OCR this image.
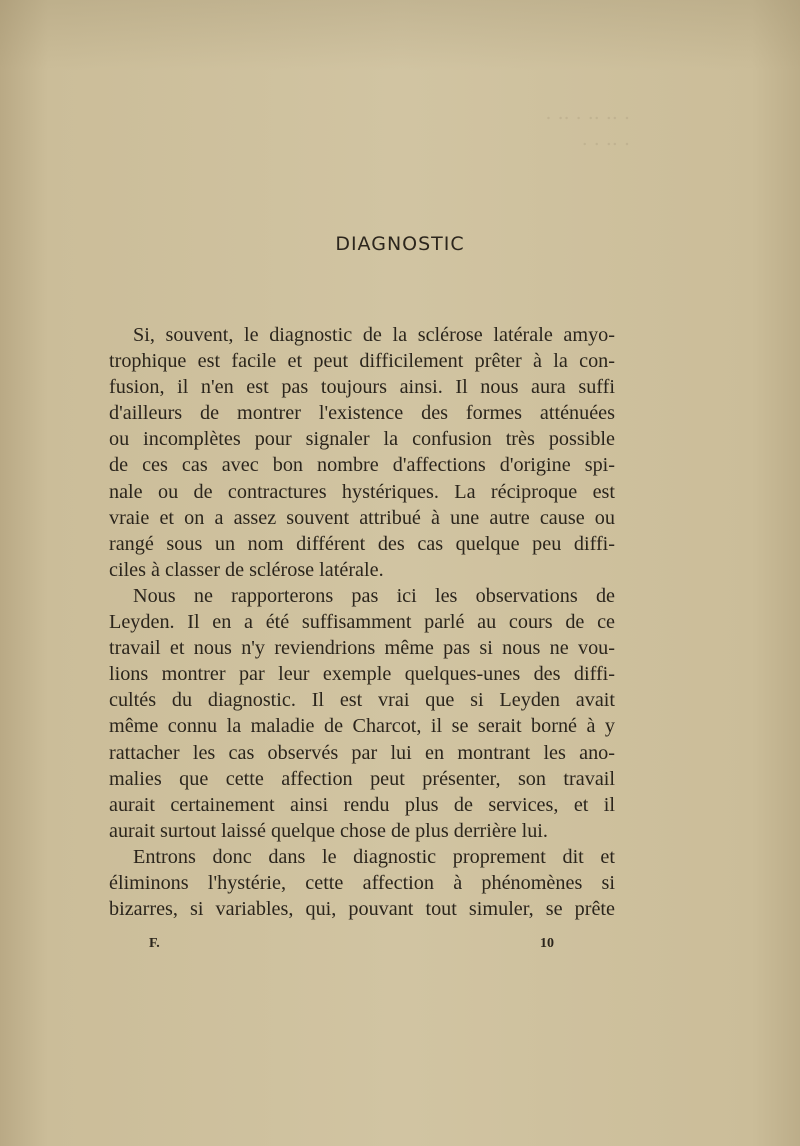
. .. .. . .. .
. .. . .

DIAGNOSTIC
Si, souvent, le diagnostic de la sclérose latérale amyo-
trophique est facile et peut difficilement prêter à la con-
fusion, il n'en est pas toujours ainsi. Il nous aura suffi
d'ailleurs de montrer l'existence des formes atténuées
ou incomplètes pour signaler la confusion très possible
de ces cas avec bon nombre d'affections d'origine spi-
nale ou de contractures hystériques. La réciproque est
vraie et on a assez souvent attribué à une autre cause ou
rangé sous un nom différent des cas quelque peu diffi-
ciles à classer de sclérose latérale.
Nous ne rapporterons pas ici les observations de
Leyden. Il en a été suffisamment parlé au cours de ce
travail et nous n'y reviendrions même pas si nous ne vou-
lions montrer par leur exemple quelques-unes des diffi-
cultés du diagnostic. Il est vrai que si Leyden avait
même connu la maladie de Charcot, il se serait borné à y
rattacher les cas observés par lui en montrant les ano-
malies que cette affection peut présenter, son travail
aurait certainement ainsi rendu plus de services, et il
aurait surtout laissé quelque chose de plus derrière lui.
Entrons donc dans le diagnostic proprement dit et
éliminons l'hystérie, cette affection à phénomènes si
bizarres, si variables, qui, pouvant tout simuler, se prête
F.	10
